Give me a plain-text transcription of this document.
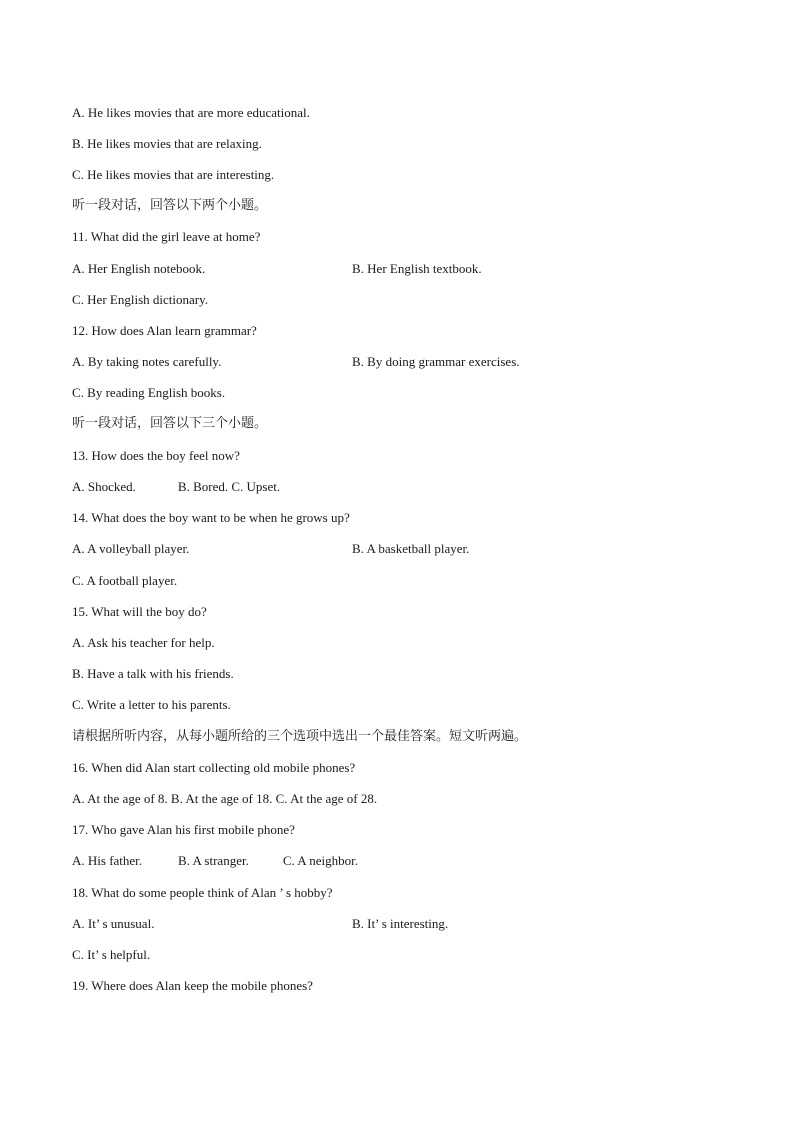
A. He likes movies that are more educational.
B. He likes movies that are relaxing.
C. He likes movies that are interesting.
听一段对话，回答以下两个小题。
11. What did the girl leave at home?
A. Her English notebook.	B. Her English textbook.
C. Her English dictionary.
12. How does Alan learn grammar?
A. By taking notes carefully.	B. By doing grammar exercises.
C. By reading English books.
听一段对话，回答以下三个小题。
13. How does the boy feel now?
A. Shocked.	B. Bored. C. Upset.
14. What does the boy want to be when he grows up?
A. A volleyball player.	B. A basketball player.
C. A football player.
15. What will the boy do?
A. Ask his teacher for help.
B. Have a talk with his friends.
C. Write a letter to his parents.
请根据所听内容，从每小题所给的三个选项中选出一个最佳答案。短文听两遍。
16. When did Alan start collecting old mobile phones?
A. At the age of 8. B. At the age of 18. C. At the age of 28.
17. Who gave Alan his first mobile phone?
A. His father.	B. A stranger.	C. A neighbor.
18. What do some people think of Alan ’ s hobby?
A. It’ s unusual.	B. It’ s interesting.
C. It’ s helpful.
19. Where does Alan keep the mobile phones?
